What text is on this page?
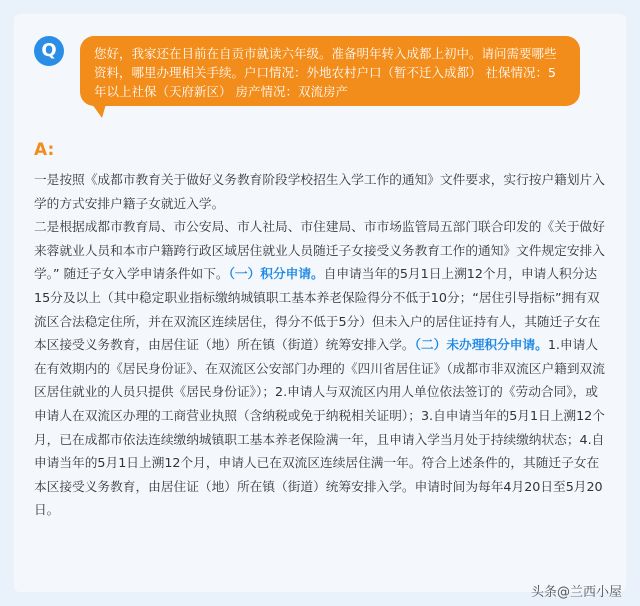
Q	您好，我家还在目前在自贡市就读六年级。准备明年转入成都上初中。请问需要哪些资料，哪里办理相关手续。户口情况：外地农村户口（暂不迁入成都） 社保情况：5年以上社保（天府新区） 房产情况：双流房产
A:

一是按照《成都市教育关于做好义务教育阶段学校招生入学工作的通知》文件要求，实行按户籍划片入学的方式安排户籍子女就近入学。

二是根据成都市教育局、市公安局、市人社局、市住建局、市市场监管局五部门联合印发的《关于做好来蓉就业人员和本市户籍跨行政区域居住就业人员随迁子女接受义务教育工作的通知》文件规定安排入学。” 随迁子女入学申请条件如下。（一）积分申请。自申请当年的5月1日上溯12个月，申请人积分达15分及以上（其中稳定职业指标缴纳城镇职工基本养老保险得分不低于10分；“居住引导指标”拥有双流区合法稳定住所，并在双流区连续居住，得分不低于5分）但未入户的居住证持有人，其随迁子女在本区接受义务教育，由居住证（地）所在镇（街道）统筹安排入学。（二）未办理积分申请。1.申请人在有效期内的《居民身份证》、在双流区公安部门办理的《四川省居住证》（成都市非双流区户籍到双流区居住就业的人员只提供《居民身份证》）；2.申请人与双流区内用人单位依法签订的《劳动合同》，或申请人在双流区办理的工商营业执照（含纳税或免于纳税相关证明）；3.自申请当年的5月1日上溯12个月，已在成都市依法连续缴纳城镇职工基本养老保险满一年，且申请入学当月处于持续缴纳状态；4.自申请当年的5月1日上溯12个月，申请人已在双流区连续居住满一年。符合上述条件的，其随迁子女在本区接受义务教育，由居住证（地）所在镇（街道）统筹安排入学。申请时间为每年4月20日至5月20日。

头条@兰西小屋
